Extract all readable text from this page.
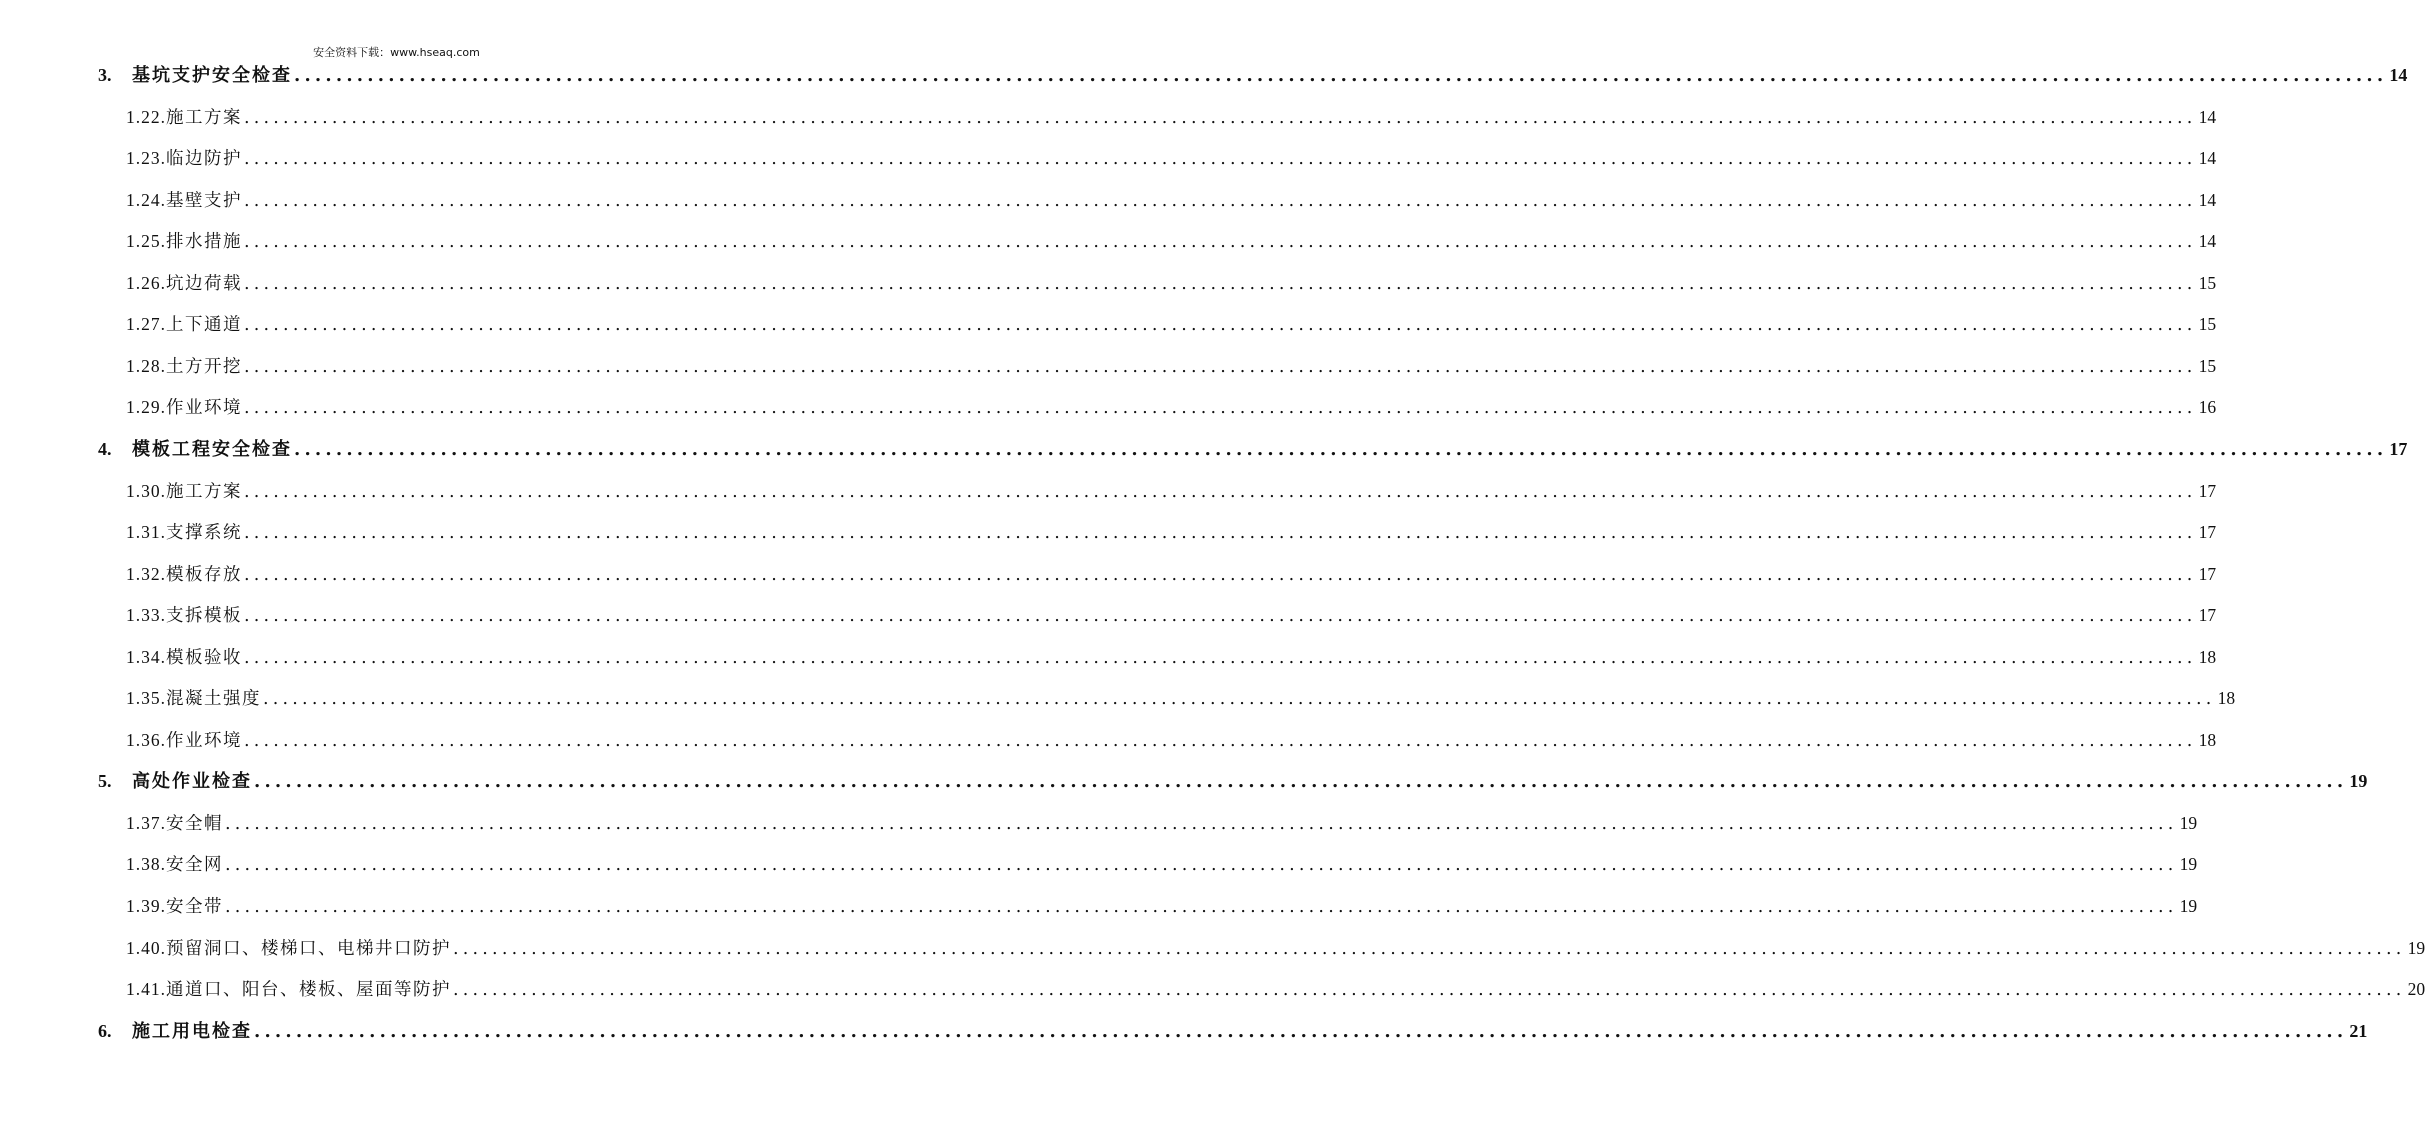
安全资料下载：www.hseaq.com
3.	基坑支护安全检查 ........................................................................................................................................................................................................ 14
1.22.施工方案 ........................................................................................................................................................................................................ 14
1.23.临边防护 ........................................................................................................................................................................................................ 14
1.24.基壁支护 ........................................................................................................................................................................................................ 14
1.25.排水措施 ........................................................................................................................................................................................................ 14
1.26.坑边荷载 ........................................................................................................................................................................................................ 15
1.27.上下通道 ........................................................................................................................................................................................................ 15
1.28.土方开挖 ........................................................................................................................................................................................................ 15
1.29.作业环境 ........................................................................................................................................................................................................ 16
4.	模板工程安全检查 ........................................................................................................................................................................................................ 17
1.30.施工方案 ........................................................................................................................................................................................................ 17
1.31.支撑系统 ........................................................................................................................................................................................................ 17
1.32.模板存放 ........................................................................................................................................................................................................ 17
1.33.支拆模板 ........................................................................................................................................................................................................ 17
1.34.模板验收 ........................................................................................................................................................................................................ 18
1.35.混凝土强度 ........................................................................................................................................................................................................ 18
1.36.作业环境 ........................................................................................................................................................................................................ 18
5.	高处作业检查 ........................................................................................................................................................................................................ 19
1.37.安全帽 ........................................................................................................................................................................................................ 19
1.38.安全网 ........................................................................................................................................................................................................ 19
1.39.安全带 ........................................................................................................................................................................................................ 19
1.40.预留洞口、楼梯口、电梯井口防护 ........................................................................................................................................................................................................ 19
1.41.通道口、阳台、楼板、屋面等防护 ........................................................................................................................................................................................................ 20
6.	施工用电检查 ........................................................................................................................................................................................................ 21
